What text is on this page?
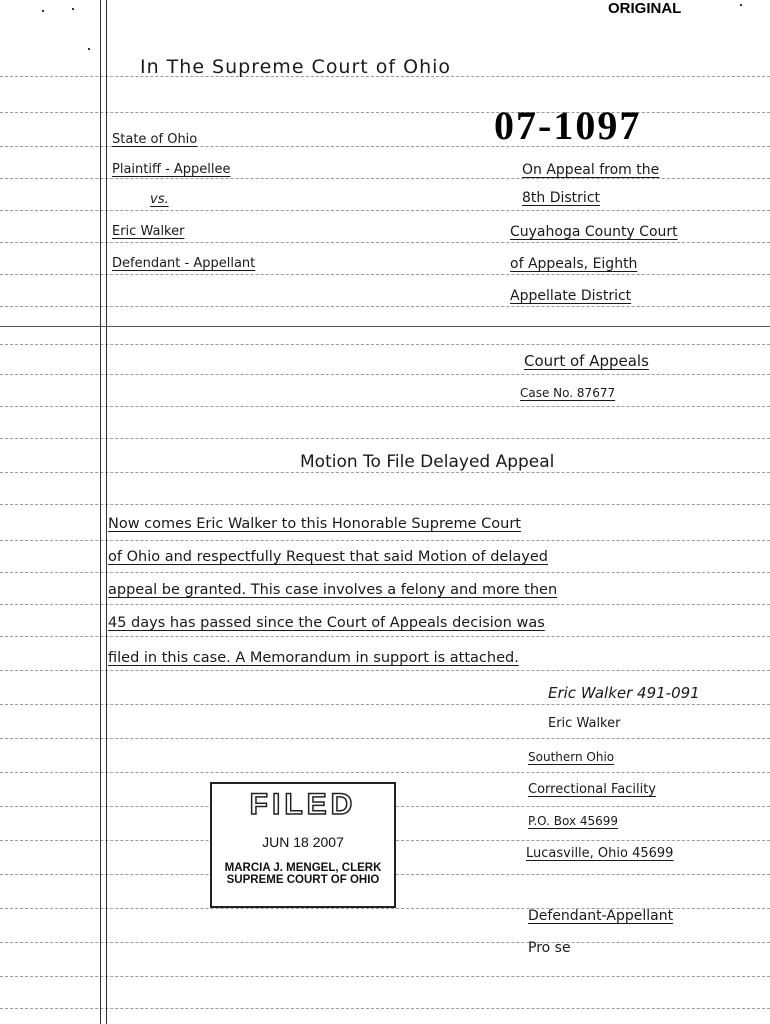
ORIGINAL
In The Supreme Court of Ohio
07-1097
State of Ohio
Plaintiff - Appellee
vs.
Eric Walker
Defendant - Appellant
On Appeal from the
8th District
Cuyahoga County Court
of Appeals, Eighth
Appellate District
Court of Appeals
Case No. 87677
Motion To File Delayed Appeal
Now comes Eric Walker to this Honorable Supreme Court
of Ohio and respectfully Request that said Motion of delayed
appeal be granted. This case involves a felony and more then
45 days has passed since the Court of Appeals decision was
filed in this case. A Memorandum in support is attached.
Eric Walker 491-091
Eric Walker
Southern Ohio
Correctional Facility
P.O. Box 45699
Lucasville, Ohio 45699
Defendant-Appellant
Pro se
FILED
JUN 18 2007
MARCIA J. MENGEL, CLERK
SUPREME COURT OF OHIO
